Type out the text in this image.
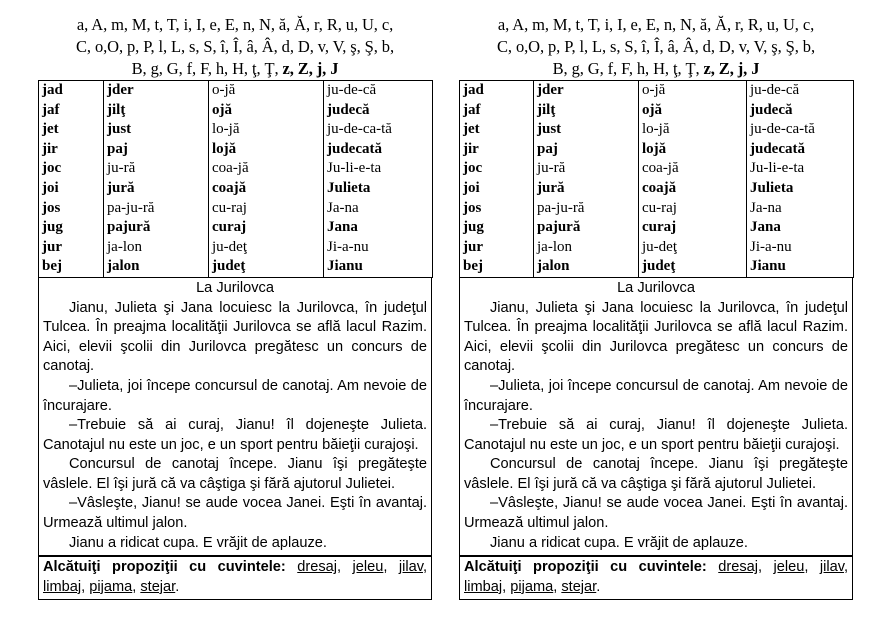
a, A, m, M, t, T, i, I, e, E, n, N, ă, Ă, r, R, u, U, c,
C, o,O, p, P, l, L, s, S, î, Î, â, Â, d, D, v, V, ş, Ş, b,
B, g, G, f, F, h, H, ţ, Ţ, z, Z, j, J
jad	jder	o-jă	ju-de-că
jaf	jilţ	ojă	judecă
jet	just	lo-jă	ju-de-ca-tă
jir	paj	lojă	judecată
joc	ju-ră	coa-jă	Ju-li-e-ta
joi	jură	coajă	Julieta
jos	pa-ju-ră	cu-raj	Ja-na
jug	pajură	curaj	Jana
jur	ja-lon	ju-deţ	Ji-a-nu
bej	jalon	judeţ	Jianu
La Jurilovca

Jianu, Julieta şi Jana locuiesc la Jurilovca, în judeţul Tulcea. În preajma localităţii Jurilovca se află lacul Razim. Aici, elevii şcolii din Jurilovca pregătesc un concurs de canotaj.

–Julieta, joi începe concursul de canotaj. Am nevoie de încurajare.

–Trebuie să ai curaj, Jianu! îl dojeneşte Julieta. Canotajul nu este un joc, e un sport pentru băieţii curajoşi.

Concursul de canotaj începe. Jianu îşi pregăteşte vâslele. El îşi jură că va câştiga şi fără ajutorul Julietei.

–Vâsleşte, Jianu! se aude vocea Janei. Eşti în avantaj. Urmează ultimul jalon.

Jianu a ridicat cupa. E vrăjit de aplauze.

Alcătuiţi propoziţii cu cuvintele: dresaj, jeleu, jilav, limbaj, pijama, stejar.
a, A, m, M, t, T, i, I, e, E, n, N, ă, Ă, r, R, u, U, c,
C, o,O, p, P, l, L, s, S, î, Î, â, Â, d, D, v, V, ş, Ş, b,
B, g, G, f, F, h, H, ţ, Ţ, z, Z, j, J
jad	jder	o-jă	ju-de-că
jaf	jilţ	ojă	judecă
jet	just	lo-jă	ju-de-ca-tă
jir	paj	lojă	judecată
joc	ju-ră	coa-jă	Ju-li-e-ta
joi	jură	coajă	Julieta
jos	pa-ju-ră	cu-raj	Ja-na
jug	pajură	curaj	Jana
jur	ja-lon	ju-deţ	Ji-a-nu
bej	jalon	judeţ	Jianu
La Jurilovca

Jianu, Julieta şi Jana locuiesc la Jurilovca, în judeţul Tulcea. În preajma localităţii Jurilovca se află lacul Razim. Aici, elevii şcolii din Jurilovca pregătesc un concurs de canotaj.

–Julieta, joi începe concursul de canotaj. Am nevoie de încurajare.

–Trebuie să ai curaj, Jianu! îl dojeneşte Julieta. Canotajul nu este un joc, e un sport pentru băieţii curajoşi.

Concursul de canotaj începe. Jianu îşi pregăteşte vâslele. El îşi jură că va câştiga şi fără ajutorul Julietei.

–Vâsleşte, Jianu! se aude vocea Janei. Eşti în avantaj. Urmează ultimul jalon.

Jianu a ridicat cupa. E vrăjit de aplauze.

Alcătuiţi propoziţii cu cuvintele: dresaj, jeleu, jilav, limbaj, pijama, stejar.
